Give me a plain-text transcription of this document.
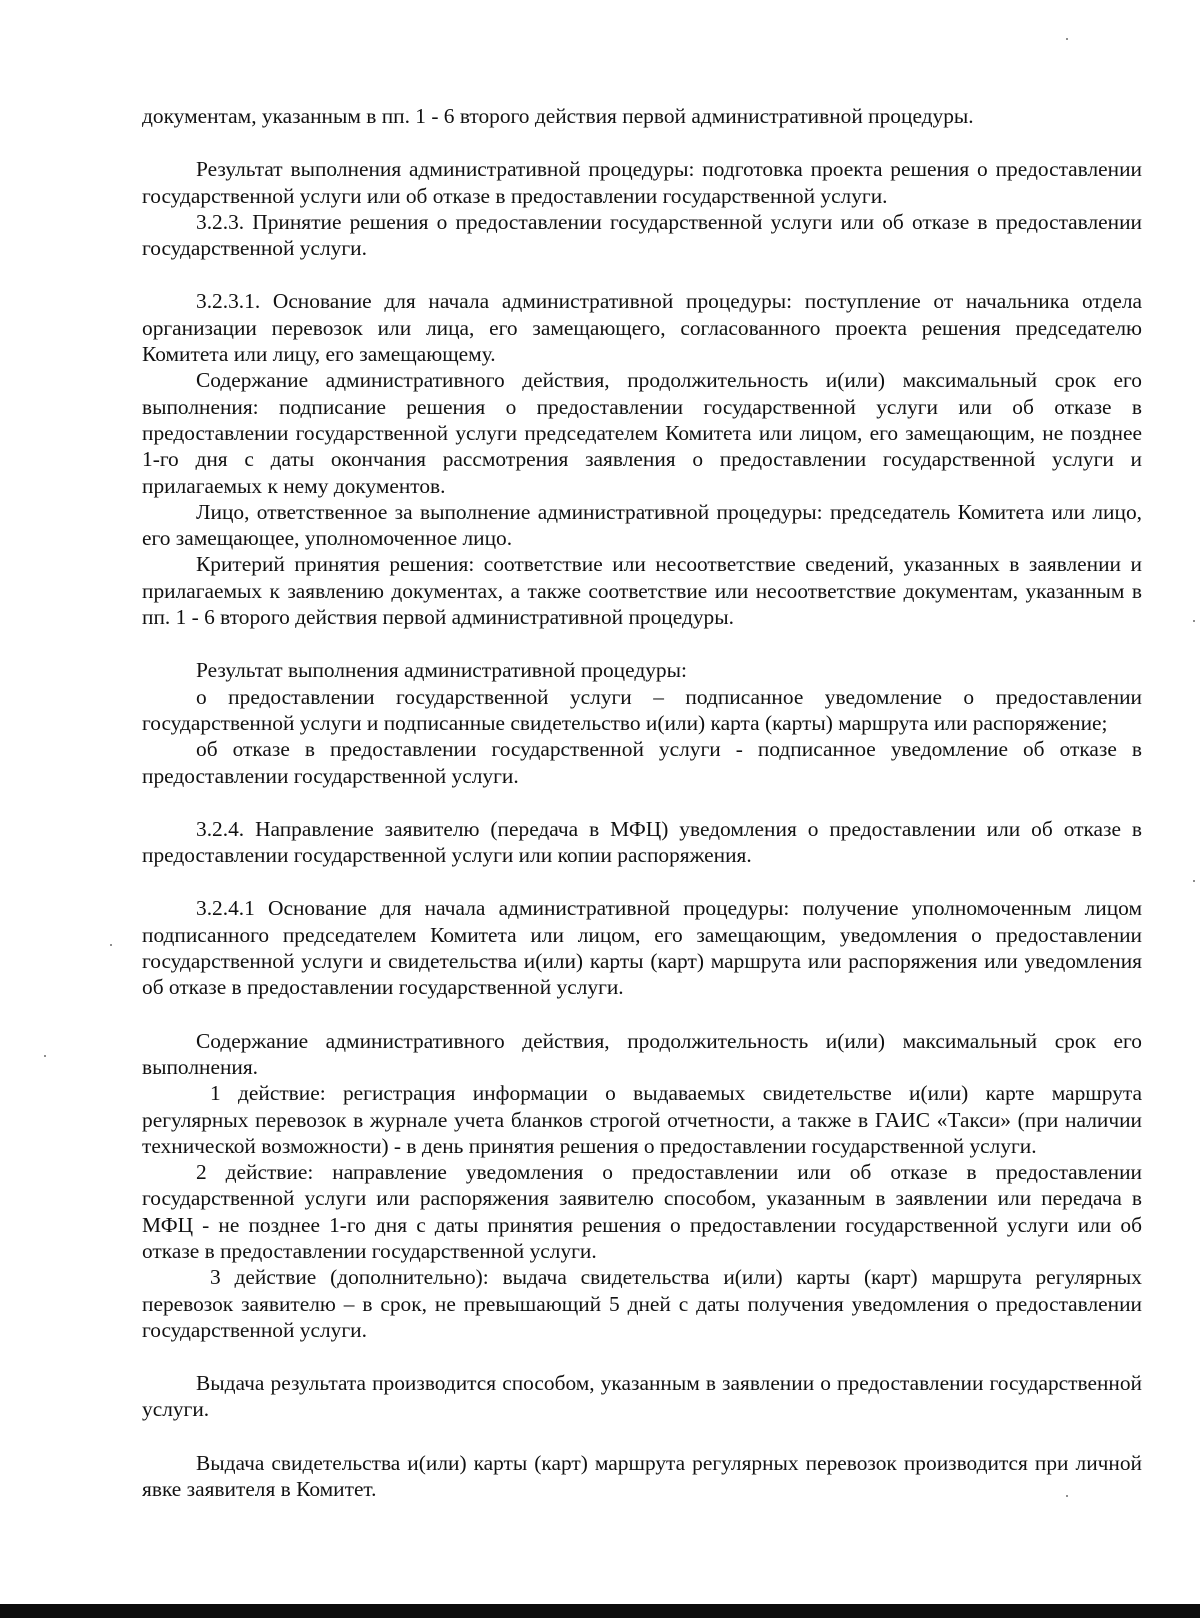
документам, указанным в пп. 1 - 6 второго действия первой административной процедуры.

Результат выполнения административной процедуры: подготовка проекта решения о предоставлении государственной услуги или об отказе в предоставлении государственной услуги.

3.2.3. Принятие решения о предоставлении государственной услуги или об отказе в предоставлении государственной услуги.

3.2.3.1. Основание для начала административной процедуры: поступление от начальника отдела организации перевозок или лица, его замещающего, согласованного проекта решения председателю Комитета или лицу, его замещающему.

Содержание административного действия, продолжительность и(или) максимальный срок его выполнения: подписание решения о предоставлении государственной услуги или об отказе в предоставлении государственной услуги председателем Комитета или лицом, его замещающим, не позднее 1-го дня с даты окончания рассмотрения заявления о предоставлении государственной услуги и прилагаемых к нему документов.

Лицо, ответственное за выполнение административной процедуры: председатель Комитета или лицо, его замещающее, уполномоченное лицо.

Критерий принятия решения: соответствие или несоответствие сведений, указанных в заявлении и прилагаемых к заявлению документах, а также соответствие или несоответствие документам, указанным в пп. 1 - 6 второго действия первой административной процедуры.

Результат выполнения административной процедуры:

о предоставлении государственной услуги – подписанное уведомление о предоставлении государственной услуги и подписанные свидетельство и(или) карта (карты) маршрута или распоряжение;

об отказе в предоставлении государственной услуги - подписанное уведомление об отказе в предоставлении государственной услуги.

3.2.4. Направление заявителю (передача в МФЦ) уведомления о предоставлении или об отказе в предоставлении государственной услуги или копии распоряжения.

3.2.4.1 Основание для начала административной процедуры: получение уполномоченным лицом подписанного председателем Комитета или лицом, его замещающим, уведомления о предоставлении государственной услуги и свидетельства и(или) карты (карт) маршрута или распоряжения или уведомления об отказе в предоставлении государственной услуги.

Содержание административного действия, продолжительность и(или) максимальный срок его выполнения.

1 действие: регистрация информации о выдаваемых свидетельстве и(или) карте маршрута регулярных перевозок в журнале учета бланков строгой отчетности, а также в ГАИС «Такси» (при наличии технической возможности) - в день принятия решения о предоставлении государственной услуги.

2 действие: направление уведомления о предоставлении или об отказе в предоставлении государственной услуги или распоряжения заявителю способом, указанным в заявлении или передача в МФЦ - не позднее 1-го дня с даты принятия решения о предоставлении государственной услуги или об отказе в предоставлении государственной услуги.

3 действие (дополнительно): выдача свидетельства и(или) карты (карт) маршрута регулярных перевозок заявителю – в срок, не превышающий 5 дней с даты получения уведомления о предоставлении государственной услуги.

Выдача результата производится способом, указанным в заявлении о предоставлении государственной услуги.

Выдача свидетельства и(или) карты (карт) маршрута регулярных перевозок производится при личной явке заявителя в Комитет.
